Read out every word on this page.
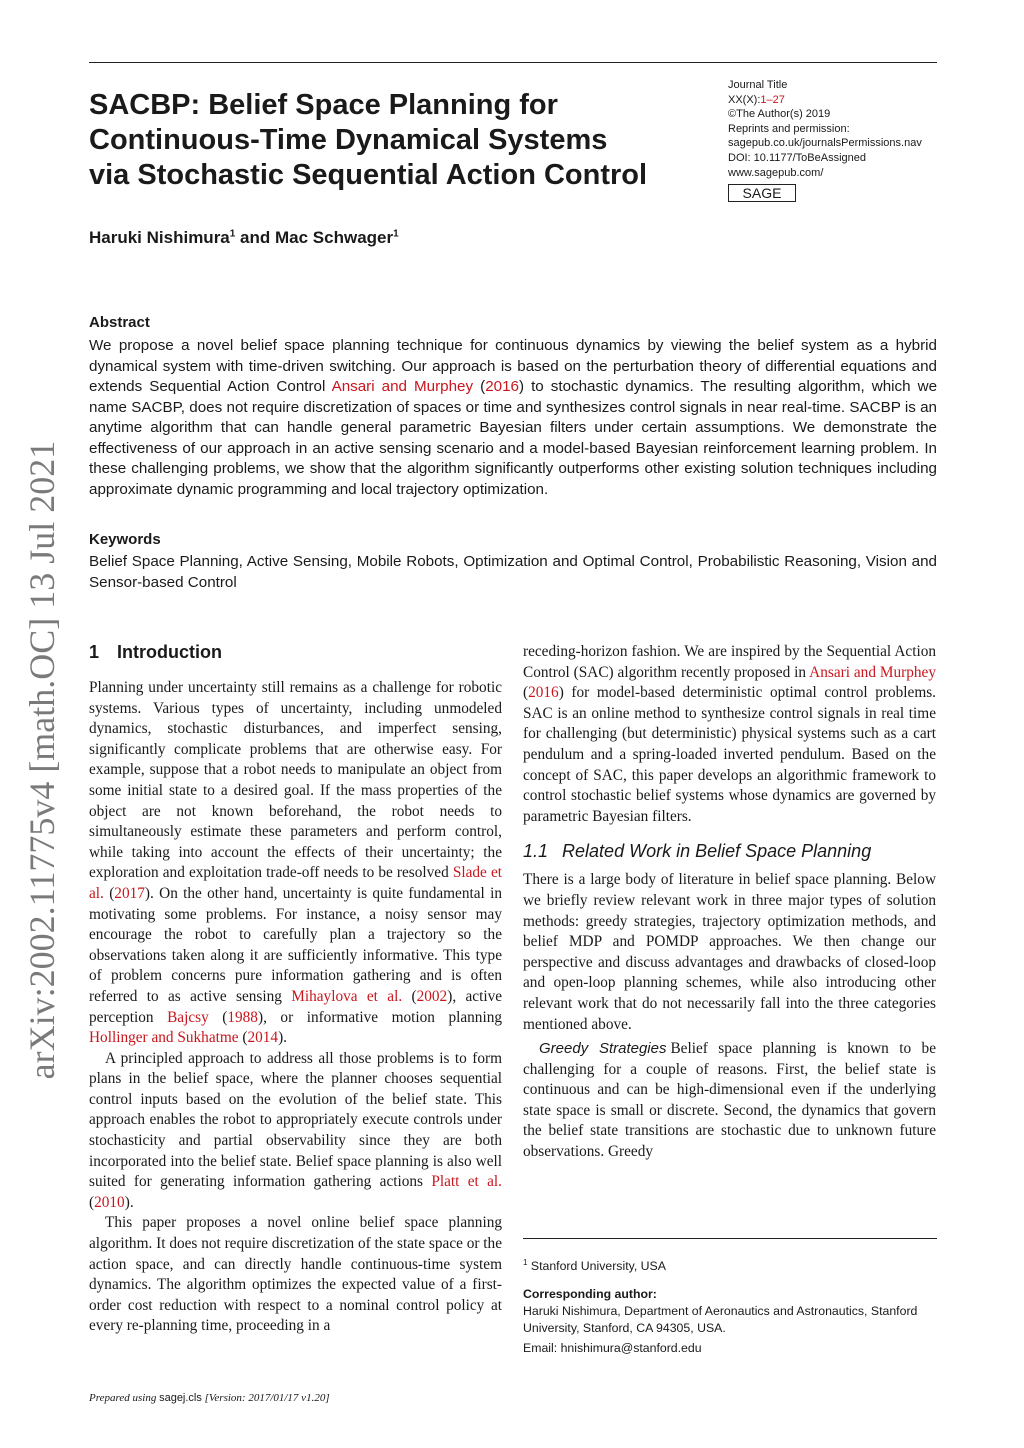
SACBP: Belief Space Planning for
Continuous-Time Dynamical Systems
via Stochastic Sequential Action Control
Journal Title
XX(X):1–27
©The Author(s) 2019
Reprints and permission:
sagepub.co.uk/journalsPermissions.nav
DOI: 10.1177/ToBeAssigned
www.sagepub.com/
SAGE

Haruki Nishimura$^1$ and Mac Schwager$^1$

arXiv:2002.11775v4 [math.OC] 13 Jul 2021

Abstract

We propose a novel belief space planning technique for continuous dynamics by viewing the belief system as a hybrid dynamical system with time-driven switching. Our approach is based on the perturbation theory of differential equations and extends Sequential Action Control Ansari and Murphey (2016) to stochastic dynamics. The resulting algorithm, which we name SACBP, does not require discretization of spaces or time and synthesizes control signals in near real-time. SACBP is an anytime algorithm that can handle general parametric Bayesian filters under certain assumptions. We demonstrate the effectiveness of our approach in an active sensing scenario and a model-based Bayesian reinforcement learning problem. In these challenging problems, we show that the algorithm significantly outperforms other existing solution techniques including approximate dynamic programming and local trajectory optimization.

Keywords

Belief Space Planning, Active Sensing, Mobile Robots, Optimization and Optimal Control, Probabilistic Reasoning, Vision and Sensor-based Control

1 Introduction

Planning under uncertainty still remains as a challenge for robotic systems. Various types of uncertainty, including unmodeled dynamics, stochastic disturbances, and imperfect sensing, significantly complicate problems that are otherwise easy. For example, suppose that a robot needs to manipulate an object from some initial state to a desired goal. If the mass properties of the object are not known beforehand, the robot needs to simultaneously estimate these parameters and perform control, while taking into account the effects of their uncertainty; the exploration and exploitation trade-off needs to be resolved Slade et al. (2017). On the other hand, uncertainty is quite fundamental in motivating some problems. For instance, a noisy sensor may encourage the robot to carefully plan a trajectory so the observations taken along it are sufficiently informative. This type of problem concerns pure information gathering and is often referred to as active sensing Mihaylova et al. (2002), active perception Bajcsy (1988), or informative motion planning Hollinger and Sukhatme (2014).

A principled approach to address all those problems is to form plans in the belief space, where the planner chooses sequential control inputs based on the evolution of the belief state. This approach enables the robot to appropriately execute controls under stochasticity and partial observability since they are both incorporated into the belief state. Belief space planning is also well suited for generating information gathering actions Platt et al. (2010).

This paper proposes a novel online belief space planning algorithm. It does not require discretization of the state space or the action space, and can directly handle continuous-time system dynamics. The algorithm optimizes the expected value of a first-order cost reduction with respect to a nominal control policy at every re-planning time, proceeding in a

receding-horizon fashion. We are inspired by the Sequential Action Control (SAC) algorithm recently proposed in Ansari and Murphey (2016) for model-based deterministic optimal control problems. SAC is an online method to synthesize control signals in real time for challenging (but deterministic) physical systems such as a cart pendulum and a spring-loaded inverted pendulum. Based on the concept of SAC, this paper develops an algorithmic framework to control stochastic belief systems whose dynamics are governed by parametric Bayesian filters.

1.1 Related Work in Belief Space Planning

There is a large body of literature in belief space planning. Below we briefly review relevant work in three major types of solution methods: greedy strategies, trajectory optimization methods, and belief MDP and POMDP approaches. We then change our perspective and discuss advantages and drawbacks of closed-loop and open-loop planning schemes, while also introducing other relevant work that do not necessarily fall into the three categories mentioned above.

Greedy Strategies Belief space planning is known to be challenging for a couple of reasons. First, the belief state is continuous and can be high-dimensional even if the underlying state space is small or discrete. Second, the dynamics that govern the belief state transitions are stochastic due to unknown future observations. Greedy

$^1$ Stanford University, USA

Corresponding author:

Haruki Nishimura, Department of Aeronautics and Astronautics, Stanford University, Stanford, CA 94305, USA.

Email: hnishimura@stanford.edu

Prepared using sagej.cls [Version: 2017/01/17 v1.20]
